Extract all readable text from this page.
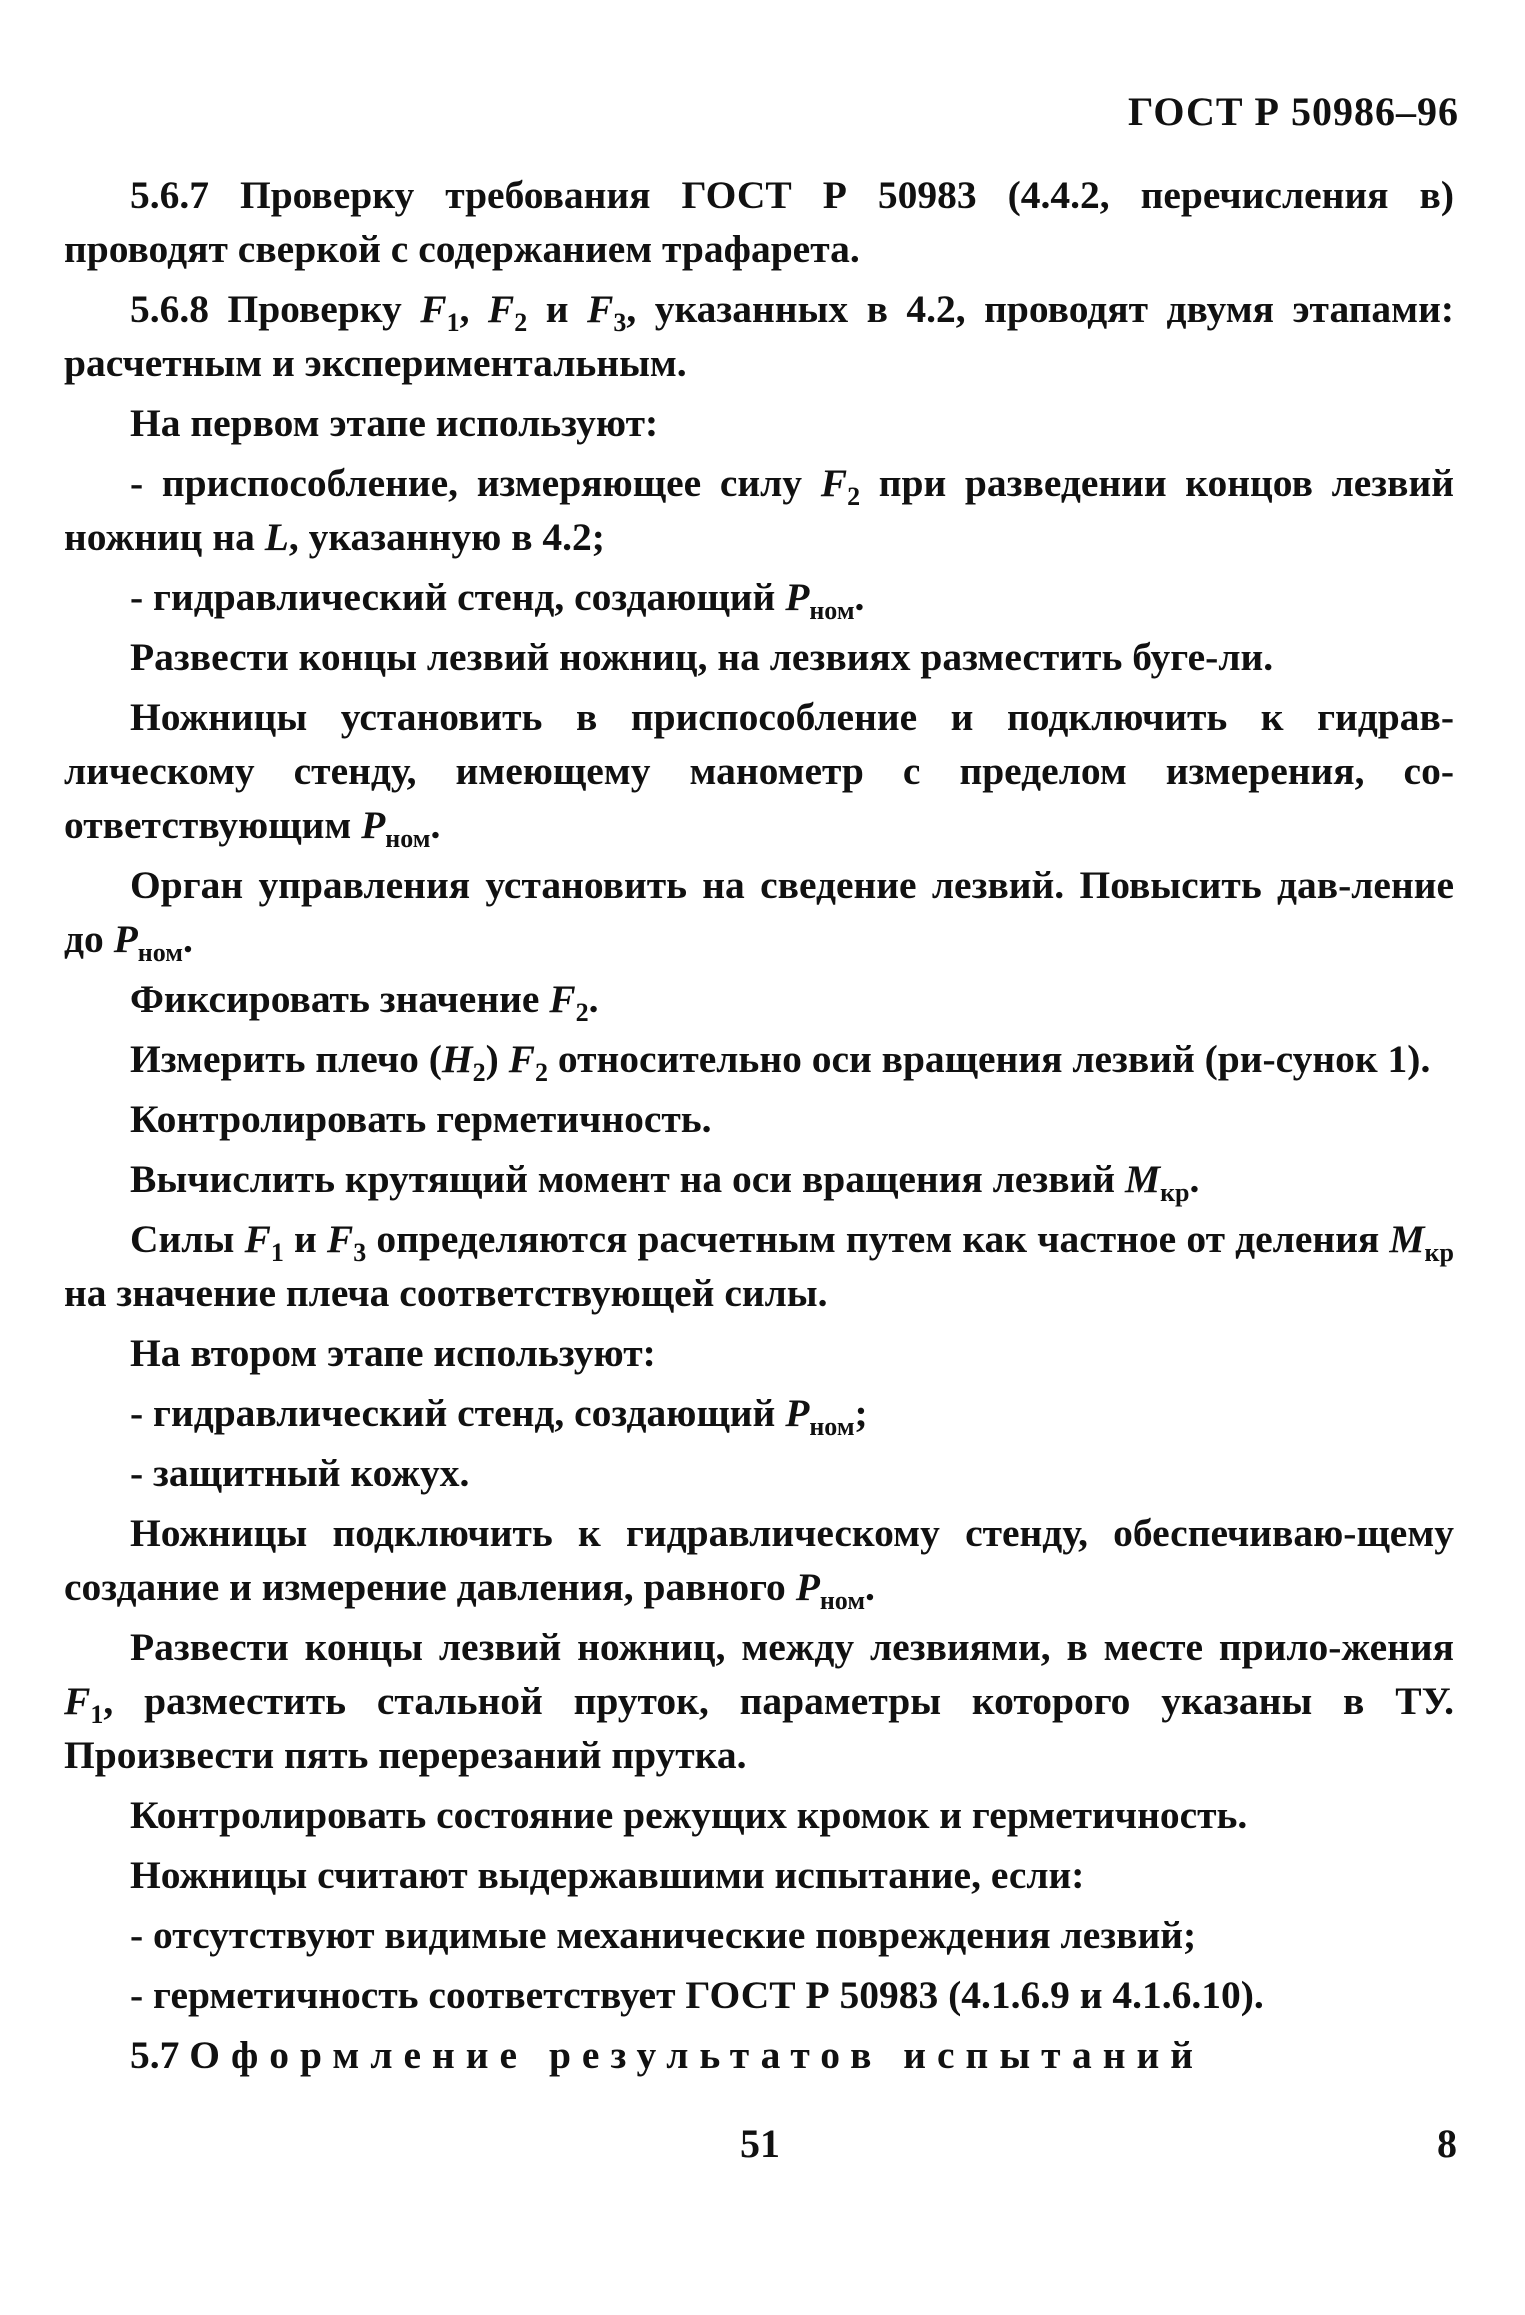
ГОСТ Р 50986–96

5.6.7 Проверку требования ГОСТ Р 50983 (4.4.2, перечисления в) проводят сверкой с содержанием трафарета.

5.6.8 Проверку $F_1$, $F_2$ и $F_3$, указанных в 4.2, проводят двумя этапами: расчетным и экспериментальным.

На первом этапе используют:

- приспособление, измеряющее силу $F_2$ при разведении концов лезвий ножниц на L, указанную в 4.2;

- гидравлический стенд, создающий $P_{ном}$.

Развести концы лезвий ножниц, на лезвиях разместить буге-ли.

Ножницы установить в приспособление и подключить к гидрав-лическому стенду, имеющему манометр с пределом измерения, со-ответствующим $P_{ном}$.

Орган управления установить на сведение лезвий. Повысить дав-ление до $P_{ном}$.

Фиксировать значение $F_2$.

Измерить плечо $(H_2)$ $F_2$ относительно оси вращения лезвий (ри-сунок 1).

Контролировать герметичность.

Вычислить крутящий момент на оси вращения лезвий $M_{кр}$.

Силы $F_1$ и $F_3$ определяются расчетным путем как частное от деления $M_{кр}$ на значение плеча соответствующей силы.

На втором этапе используют:

- гидравлический стенд, создающий $P_{ном}$;

- защитный кожух.

Ножницы подключить к гидравлическому стенду, обеспечиваю-щему создание и измерение давления, равного $P_{ном}$.

Развести концы лезвий ножниц, между лезвиями, в месте прило-жения $F_1$, разместить стальной пруток, параметры которого указаны в ТУ. Произвести пять перерезаний прутка.

Контролировать состояние режущих кромок и герметичность.

Ножницы считают выдержавшими испытание, если:

- отсутствуют видимые механические повреждения лезвий;

- герметичность соответствует ГОСТ Р 50983 (4.1.6.9 и 4.1.6.10).

5.7 Оформление результатов испытаний

51	8
